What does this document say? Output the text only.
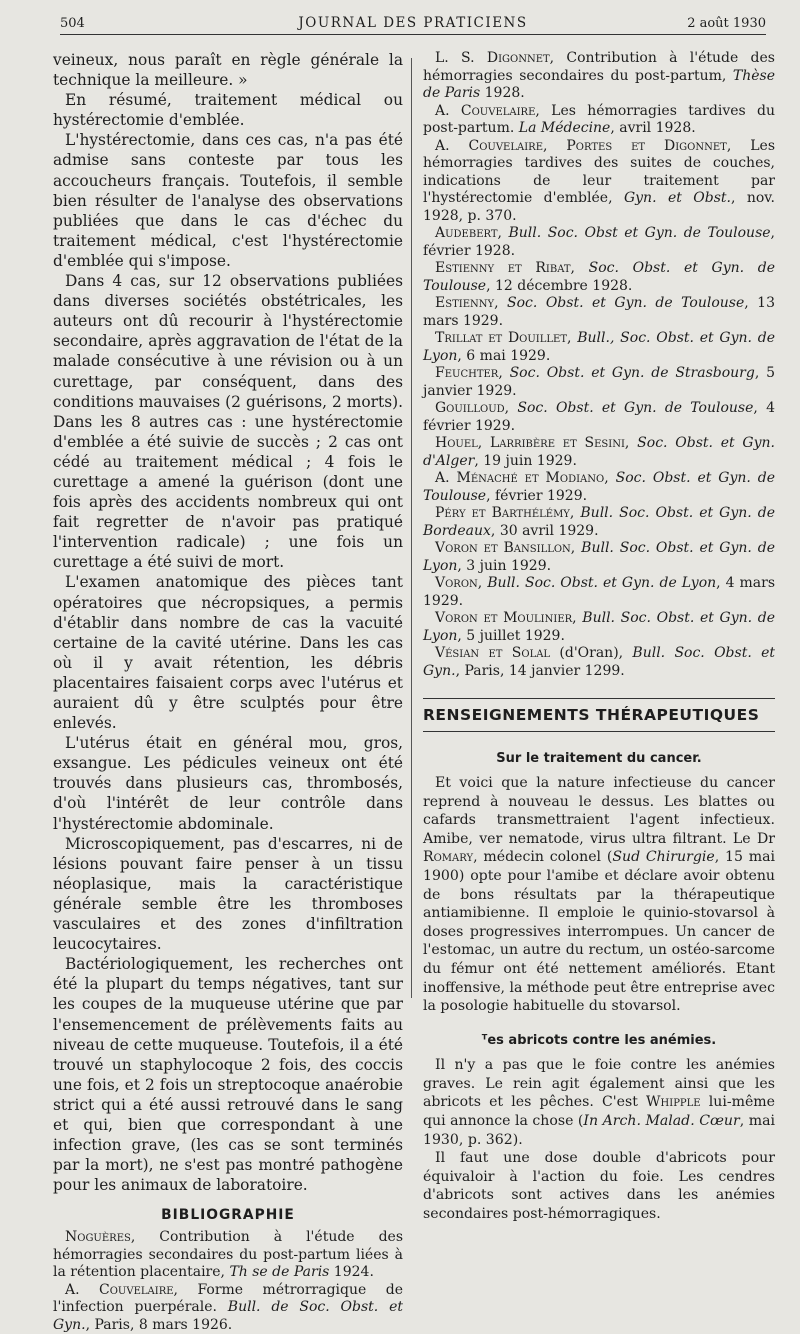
504	JOURNAL DES PRATICIENS	2 août 1930

veineux, nous paraît en règle générale la technique la meilleure. »

En résumé, traitement médical ou hystérectomie d'emblée.

L'hystérectomie, dans ces cas, n'a pas été admise sans conteste par tous les accoucheurs français. Toutefois, il semble bien résulter de l'analyse des observations publiées que dans le cas d'échec du traitement médical, c'est l'hystérectomie d'emblée qui s'impose.

Dans 4 cas, sur 12 observations publiées dans diverses sociétés obstétricales, les auteurs ont dû recourir à l'hystérectomie secondaire, après aggravation de l'état de la malade consécutive à une révision ou à un curettage, par conséquent, dans des conditions mauvaises (2 guérisons, 2 morts). Dans les 8 autres cas : une hystérectomie d'emblée a été suivie de succès ; 2 cas ont cédé au traitement médical ; 4 fois le curettage a amené la guérison (dont une fois après des accidents nombreux qui ont fait regretter de n'avoir pas pratiqué l'intervention radicale) ; une fois un curettage a été suivi de mort.

L'examen anatomique des pièces tant opératoires que nécropsiques, a permis d'établir dans nombre de cas la vacuité certaine de la cavité utérine. Dans les cas où il y avait rétention, les débris placentaires faisaient corps avec l'utérus et auraient dû y être sculptés pour être enlevés.

L'utérus était en général mou, gros, exsangue. Les pédicules veineux ont été trouvés dans plusieurs cas, thrombosés, d'où l'intérêt de leur contrôle dans l'hystérectomie abdominale.

Microscopiquement, pas d'escarres, ni de lésions pouvant faire penser à un tissu néoplasique, mais la caractéristique générale semble être les thromboses vasculaires et des zones d'infiltration leucocytaires.

Bactériologiquement, les recherches ont été la plupart du temps négatives, tant sur les coupes de la muqueuse utérine que par l'ensemencement de prélèvements faits au niveau de cette muqueuse. Toutefois, il a été trouvé un staphylocoque 2 fois, des coccis une fois, et 2 fois un streptocoque anaérobie strict qui a été aussi retrouvé dans le sang et qui, bien que correspondant à une infection grave, (les cas se sont terminés par la mort), ne s'est pas montré pathogène pour les animaux de laboratoire.

BIBLIOGRAPHIE

Noguères, Contribution à l'étude des hémorragies secondaires du post-partum liées à la rétention placentaire, Th se de Paris 1924.

A. Couvelaire, Forme métrorragique de l'infection puerpérale. Bull. de Soc. Obst. et Gyn., Paris, 8 mars 1926.

L. S. Digonnet, Contribution à l'étude des hémorragies secondaires du post-partum, Thèse de Paris 1928.

A. Couvelaire, Les hémorragies tardives du post-partum. La Médecine, avril 1928.

A. Couvelaire, Portes et Digonnet, Les hémorragies tardives des suites de couches, indications de leur traitement par l'hystérectomie d'emblée, Gyn. et Obst., nov. 1928, p. 370.

Audebert, Bull. Soc. Obst et Gyn. de Toulouse, février 1928.

Estienny et Ribat, Soc. Obst. et Gyn. de Toulouse, 12 décembre 1928.

Estienny, Soc. Obst. et Gyn. de Toulouse, 13 mars 1929.

Trillat et Douillet, Bull., Soc. Obst. et Gyn. de Lyon, 6 mai 1929.

Feuchter, Soc. Obst. et Gyn. de Strasbourg, 5 janvier 1929.

Gouilloud, Soc. Obst. et Gyn. de Toulouse, 4 février 1929.

Houel, Larribère et Sesini, Soc. Obst. et Gyn. d'Alger, 19 juin 1929.

A. Ménaché et Modiano, Soc. Obst. et Gyn. de Toulouse, février 1929.

Péry et Barthélémy, Bull. Soc. Obst. et Gyn. de Bordeaux, 30 avril 1929.

Voron et Bansillon, Bull. Soc. Obst. et Gyn. de Lyon, 3 juin 1929.

Voron, Bull. Soc. Obst. et Gyn. de Lyon, 4 mars 1929.

Voron et Moulinier, Bull. Soc. Obst. et Gyn. de Lyon, 5 juillet 1929.

Vésian et Solal (d'Oran), Bull. Soc. Obst. et Gyn., Paris, 14 janvier 1299.

RENSEIGNEMENTS THÉRAPEUTIQUES
Sur le traitement du cancer.

Et voici que la nature infectieuse du cancer reprend à nouveau le dessus. Les blattes ou cafards transmettraient l'agent infectieux. Amibe, ver nematode, virus ultra filtrant. Le Dr Romary, médecin colonel (Sud Chirurgie, 15 mai 1900) opte pour l'amibe et déclare avoir obtenu de bons résultats par la thérapeutique antiamibienne. Il emploie le quinio-stovarsol à doses progressives interrompues. Un cancer de l'estomac, un autre du rectum, un ostéo-sarcome du fémur ont été nettement améliorés. Etant inoffensive, la méthode peut être entreprise avec la posologie habituelle du stovarsol.

ᵀes abricots contre les anémies.

Il n'y a pas que le foie contre les anémies graves. Le rein agit également ainsi que les abricots et les pêches. C'est Whipple lui-même qui annonce la chose (In Arch. Malad. Cœur, mai 1930, p. 362).

Il faut une dose double d'abricots pour équivaloir à l'action du foie. Les cendres d'abricots sont actives dans les anémies secondaires post-hémorragiques.
